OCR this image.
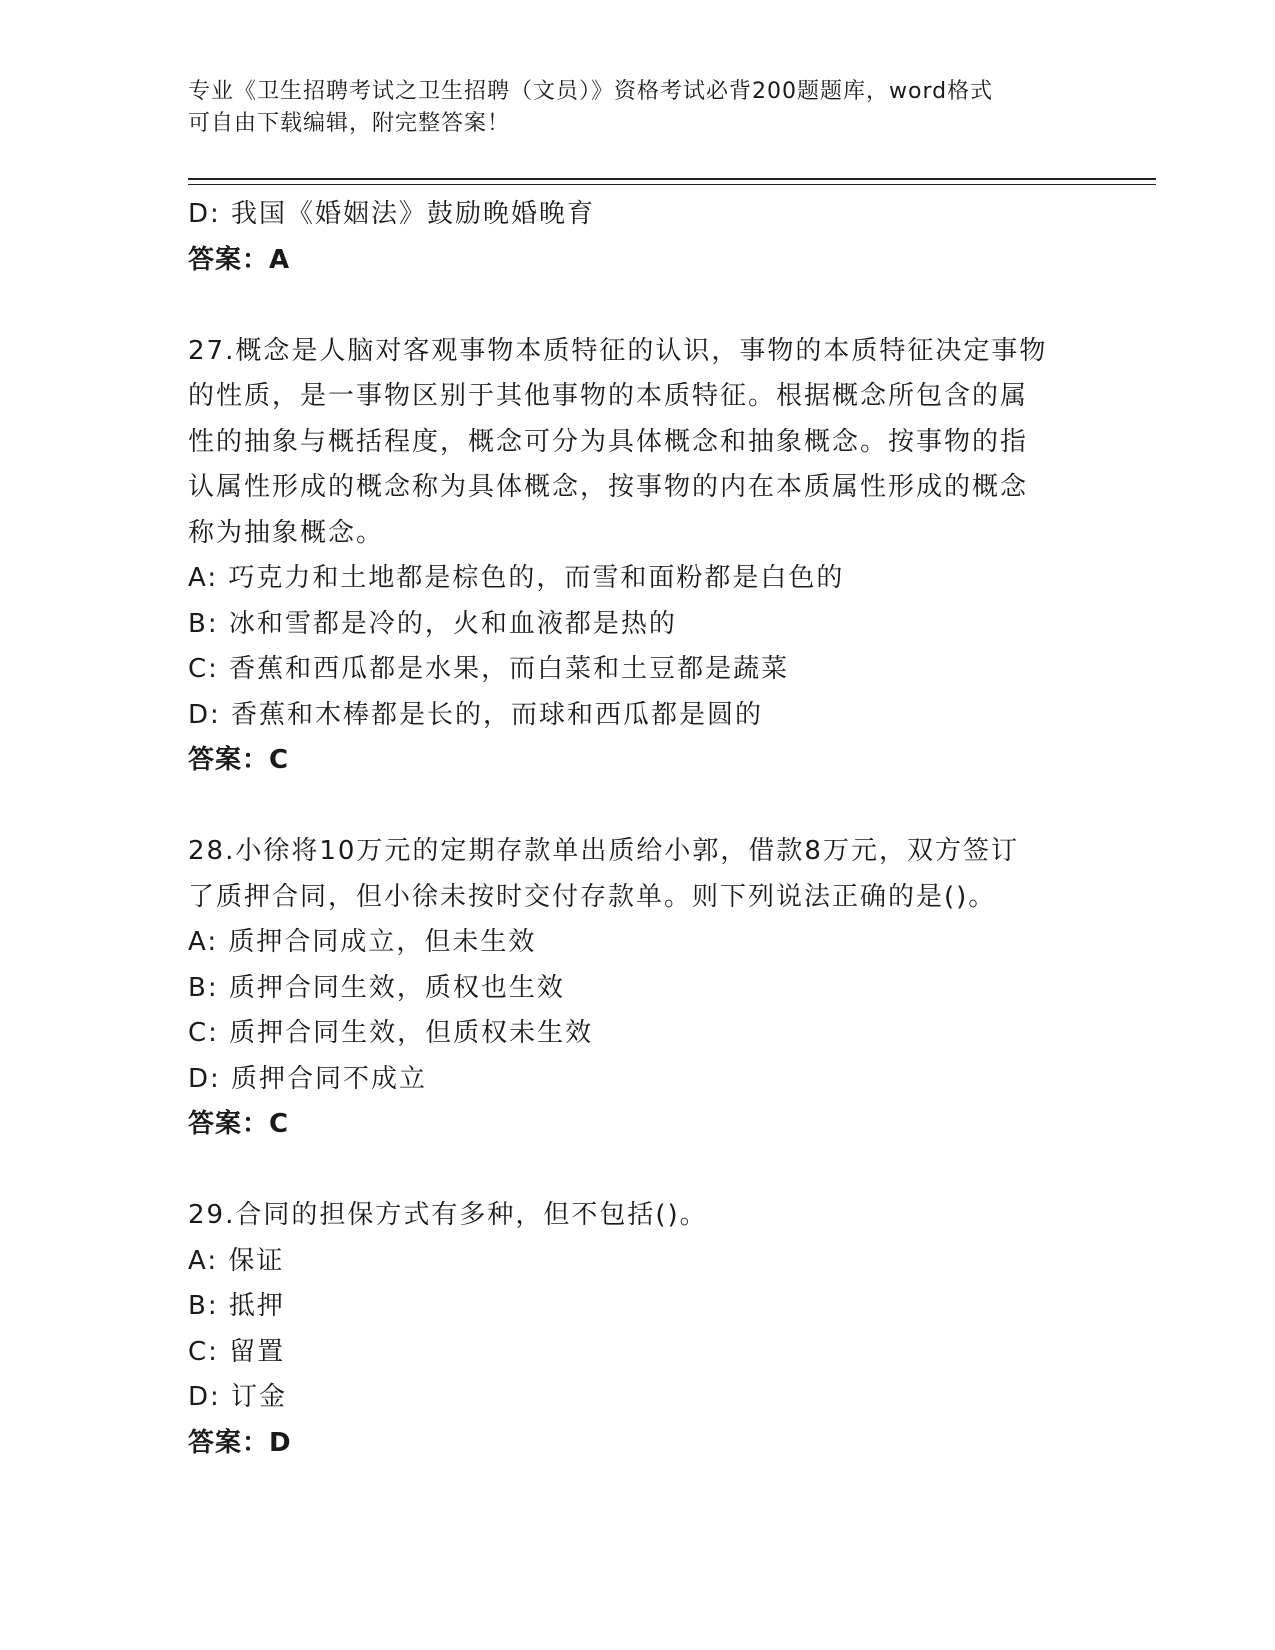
专业《卫生招聘考试之卫生招聘（文员）》资格考试必背200题题库，word格式
可自由下载编辑，附完整答案！
D: 我国《婚姻法》鼓励晚婚晚育
答案：A
27.概念是人脑对客观事物本质特征的认识，事物的本质特征决定事物
的性质，是一事物区别于其他事物的本质特征。根据概念所包含的属
性的抽象与概括程度，概念可分为具体概念和抽象概念。按事物的指
认属性形成的概念称为具体概念，按事物的内在本质属性形成的概念
称为抽象概念。
A: 巧克力和土地都是棕色的，而雪和面粉都是白色的
B: 冰和雪都是冷的，火和血液都是热的
C: 香蕉和西瓜都是水果，而白菜和土豆都是蔬菜
D: 香蕉和木棒都是长的，而球和西瓜都是圆的
答案：C
28.小徐将10万元的定期存款单出质给小郭，借款8万元，双方签订
了质押合同，但小徐未按时交付存款单。则下列说法正确的是()。
A: 质押合同成立，但未生效
B: 质押合同生效，质权也生效
C: 质押合同生效，但质权未生效
D: 质押合同不成立
答案：C
29.合同的担保方式有多种，但不包括()。
A: 保证
B: 抵押
C: 留置
D: 订金
答案：D
